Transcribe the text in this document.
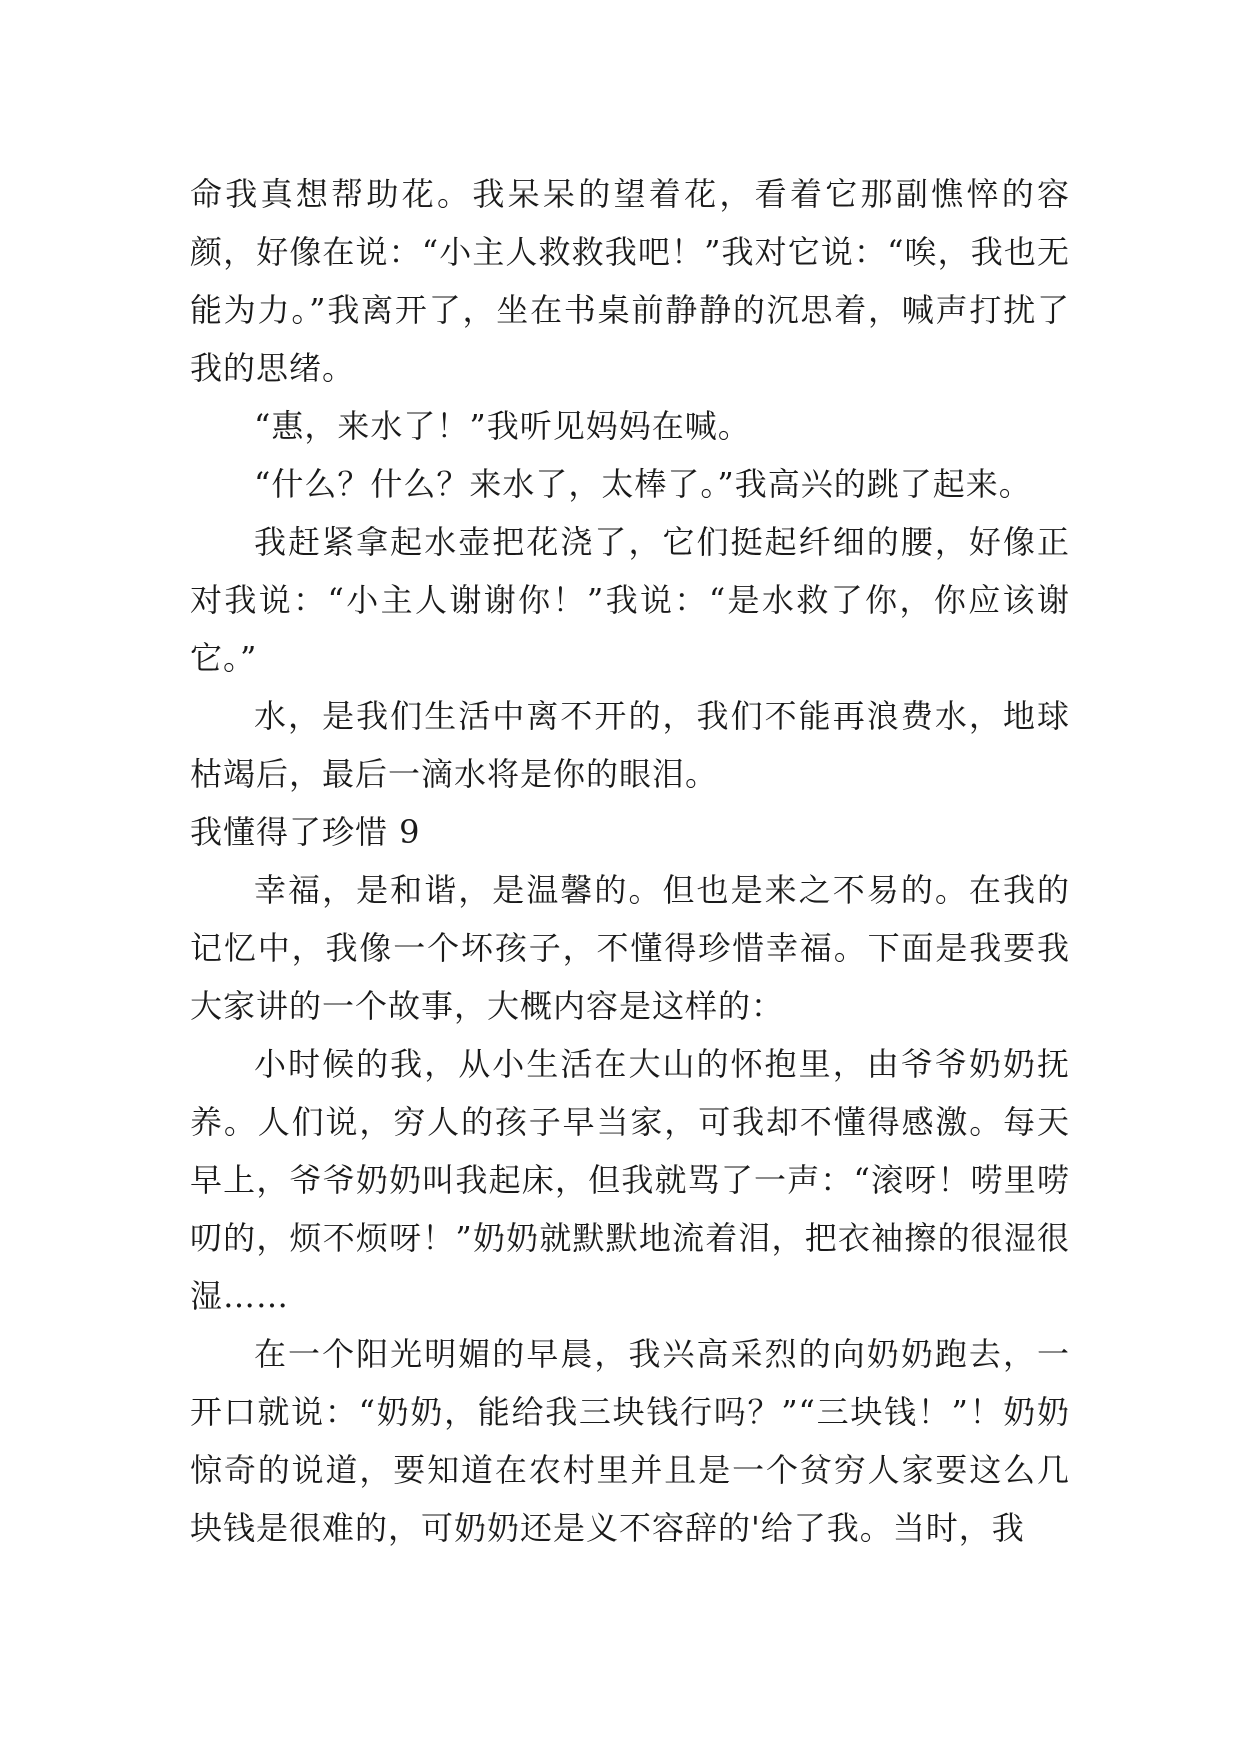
命我真想帮助花。我呆呆的望着花，看着它那副憔悴的容颜，好像在说：“小主人救救我吧！”我对它说：“唉，我也无能为力。”我离开了，坐在书桌前静静的沉思着，喊声打扰了我的思绪。

“惠，来水了！”我听见妈妈在喊。

“什么？什么？来水了，太棒了。”我高兴的跳了起来。

我赶紧拿起水壶把花浇了，它们挺起纤细的腰，好像正对我说：“小主人谢谢你！”我说：“是水救了你，你应该谢它。”

水，是我们生活中离不开的，我们不能再浪费水，地球枯竭后，最后一滴水将是你的眼泪。

我懂得了珍惜 9

幸福，是和谐，是温馨的。但也是来之不易的。在我的记忆中，我像一个坏孩子，不懂得珍惜幸福。下面是我要我大家讲的一个故事，大概内容是这样的：

小时候的我，从小生活在大山的怀抱里，由爷爷奶奶抚养。人们说，穷人的孩子早当家，可我却不懂得感激。每天早上，爷爷奶奶叫我起床，但我就骂了一声：“滚呀！唠里唠叨的，烦不烦呀！”奶奶就默默地流着泪，把衣袖擦的很湿很湿……

在一个阳光明媚的早晨，我兴高采烈的向奶奶跑去，一开口就说：“奶奶，能给我三块钱行吗？”“三块钱！”！奶奶惊奇的说道，要知道在农村里并且是一个贫穷人家要这么几块钱是很难的，可奶奶还是义不容辞的'给了我。当时，我
